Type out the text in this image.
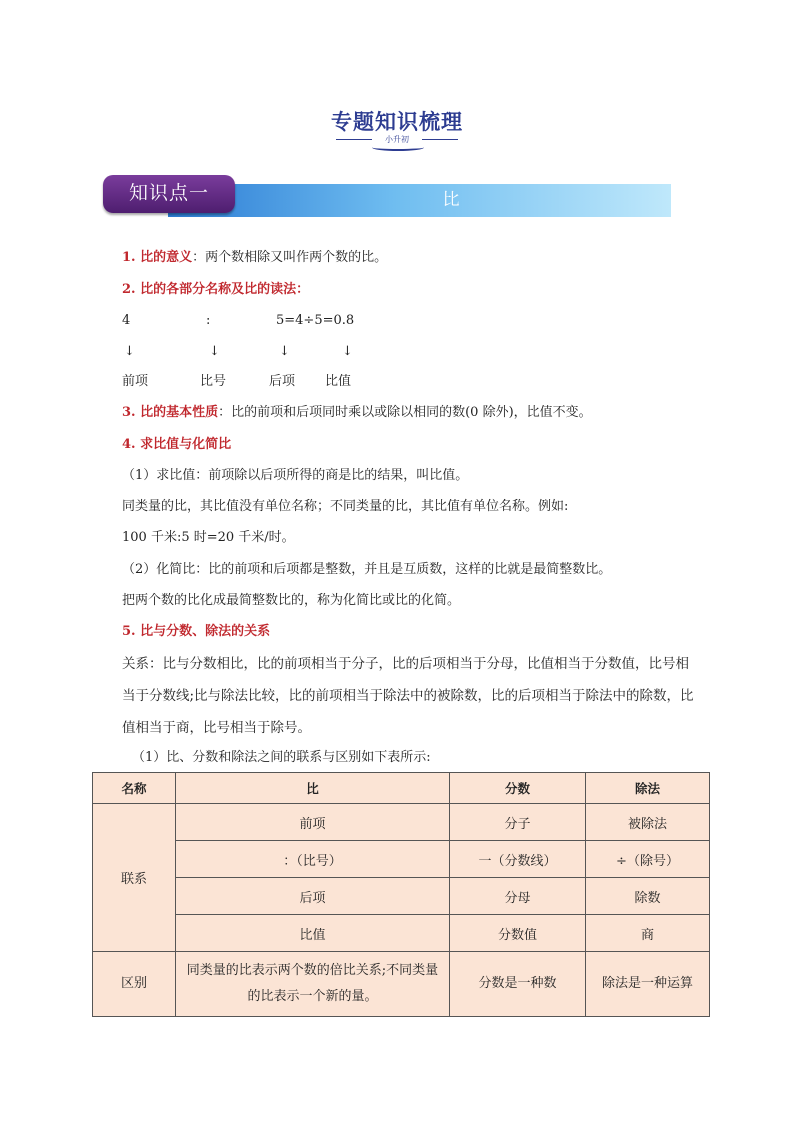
专题知识梳理
小升初
比
知识点一
1. 比的意义：两个数相除又叫作两个数的比。
2. 比的各部分名称及比的读法：
4	:	5=4÷5=0.8
↓	↓	↓	↓
前项	比号	后项 比值
3. 比的基本性质：比的前项和后项同时乘以或除以相同的数(0 除外)，比值不变。
4. 求比值与化简比
（1）求比值：前项除以后项所得的商是比的结果，叫比值。
同类量的比，其比值没有单位名称；不同类量的比，其比值有单位名称。例如:
100 千米:5 时=20 千米/时。
（2）化简比：比的前项和后项都是整数，并且是互质数，这样的比就是最简整数比。
把两个数的比化成最简整数比的，称为化简比或比的化简。
5. 比与分数、除法的关系
关系：比与分数相比，比的前项相当于分子，比的后项相当于分母，比值相当于分数值，比号相当于分数线;比与除法比较，比的前项相当于除法中的被除数，比的后项相当于除法中的除数，比值相当于商，比号相当于除号。
（1）比、分数和除法之间的联系与区别如下表所示:
名称	比	分数	除法
联系	前项	分子	被除法
	：（比号）	一（分数线）	÷（除号）
	后项	分母	除数
	比值	分数值	商
区别	同类量的比表示两个数的倍比关系;不同类量的比表示一个新的量。	分数是一种数	除法是一种运算
